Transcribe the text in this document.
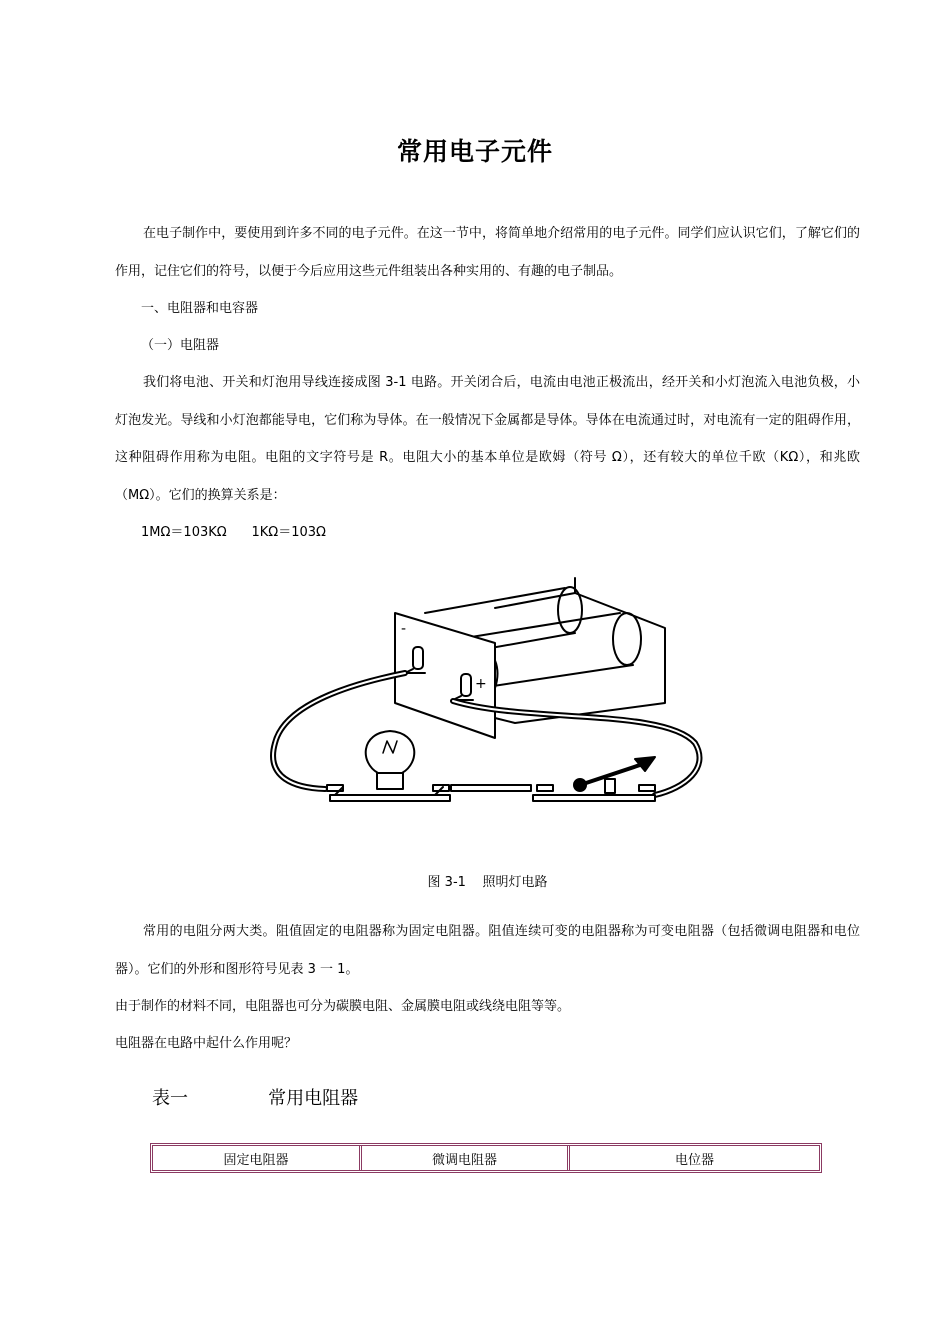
常用电子元件
在电子制作中，要使用到许多不同的电子元件。在这一节中，将简单地介绍常用的电子元件。同学们应认识它们，了解它们的作用，记住它们的符号，以便于今后应用这些元件组装出各种实用的、有趣的电子制品。
一、电阻器和电容器
（一）电阻器
我们将电池、开关和灯泡用导线连接成图 3-1 电路。开关闭合后，电流由电池正极流出，经开关和小灯泡流入电池负极，小灯泡发光。导线和小灯泡都能导电，它们称为导体。在一般情况下金属都是导体。导体在电流通过时，对电流有一定的阻碍作用，这种阻碍作用称为电阻。电阻的文字符号是 R。电阻大小的基本单位是欧姆（符号 Ω），还有较大的单位千欧（KΩ），和兆欧（MΩ）。它们的换算关系是：
1MΩ＝103KΩ      1KΩ＝103Ω
-
+
图 3-1    照明灯电路
常用的电阻分两大类。阻值固定的电阻器称为固定电阻器。阻值连续可变的电阻器称为可变电阻器（包括微调电阻器和电位器）。它们的外形和图形符号见表 3 一 1。
由于制作的材料不同，电阻器也可分为碳膜电阻、金属膜电阻或线绕电阻等等。
电阻器在电路中起什么作用呢？
表一              常用电阻器
固定电阻器	微调电阻器	电位器
